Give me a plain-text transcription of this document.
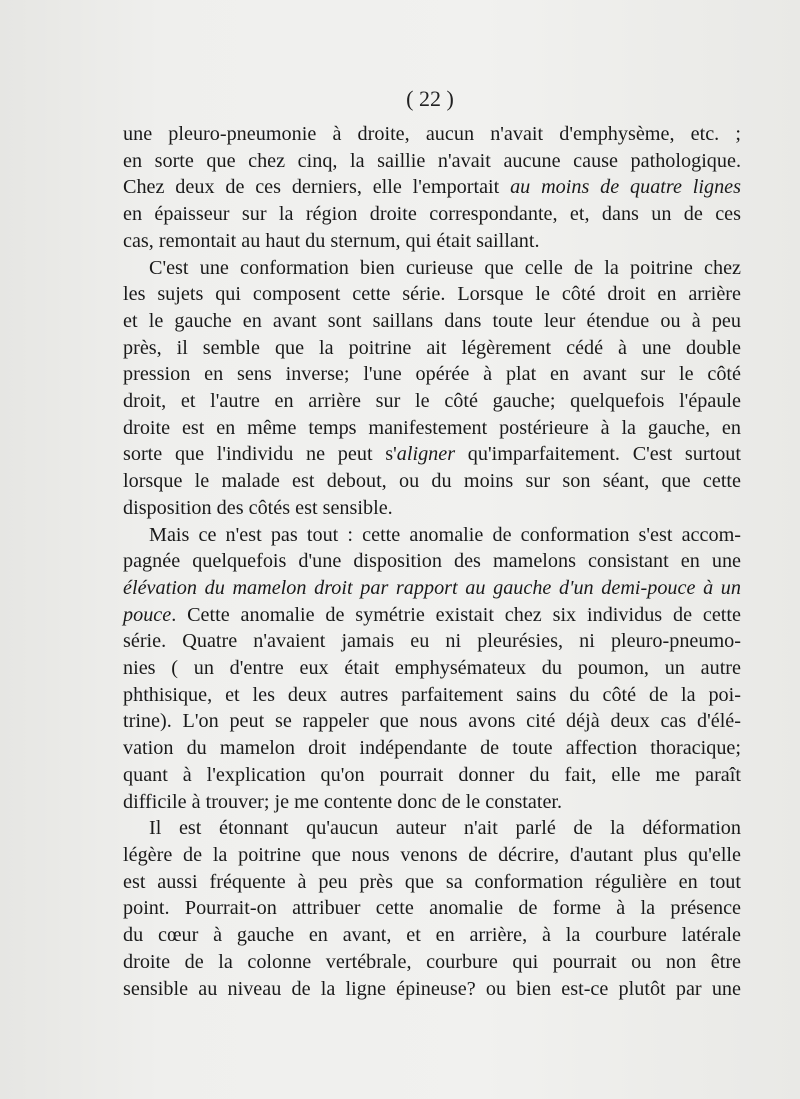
( 22 )
une pleuro-pneumonie à droite, aucun n'avait d'emphysème, etc. ;
en sorte que chez cinq, la saillie n'avait aucune cause pathologique.
Chez deux de ces derniers, elle l'emportait au moins de quatre lignes
en épaisseur sur la région droite correspondante, et, dans un de ces
cas, remontait au haut du sternum, qui était saillant.
C'est une conformation bien curieuse que celle de la poitrine chez
les sujets qui composent cette série. Lorsque le côté droit en arrière
et le gauche en avant sont saillans dans toute leur étendue ou à peu
près, il semble que la poitrine ait légèrement cédé à une double
pression en sens inverse; l'une opérée à plat en avant sur le côté
droit, et l'autre en arrière sur le côté gauche; quelquefois l'épaule
droite est en même temps manifestement postérieure à la gauche, en
sorte que l'individu ne peut s'aligner qu'imparfaitement. C'est surtout
lorsque le malade est debout, ou du moins sur son séant, que cette
disposition des côtés est sensible.
Mais ce n'est pas tout : cette anomalie de conformation s'est accom-
pagnée quelquefois d'une disposition des mamelons consistant en une
élévation du mamelon droit par rapport au gauche d'un demi-pouce à un
pouce. Cette anomalie de symétrie existait chez six individus de cette
série. Quatre n'avaient jamais eu ni pleurésies, ni pleuro-pneumo-
nies ( un d'entre eux était emphysémateux du poumon, un autre
phthisique, et les deux autres parfaitement sains du côté de la poi-
trine). L'on peut se rappeler que nous avons cité déjà deux cas d'élé-
vation du mamelon droit indépendante de toute affection thoracique;
quant à l'explication qu'on pourrait donner du fait, elle me paraît
difficile à trouver; je me contente donc de le constater.
Il est étonnant qu'aucun auteur n'ait parlé de la déformation
légère de la poitrine que nous venons de décrire, d'autant plus qu'elle
est aussi fréquente à peu près que sa conformation régulière en tout
point. Pourrait-on attribuer cette anomalie de forme à la présence
du cœur à gauche en avant, et en arrière, à la courbure latérale
droite de la colonne vertébrale, courbure qui pourrait ou non être
sensible au niveau de la ligne épineuse? ou bien est-ce plutôt par une
